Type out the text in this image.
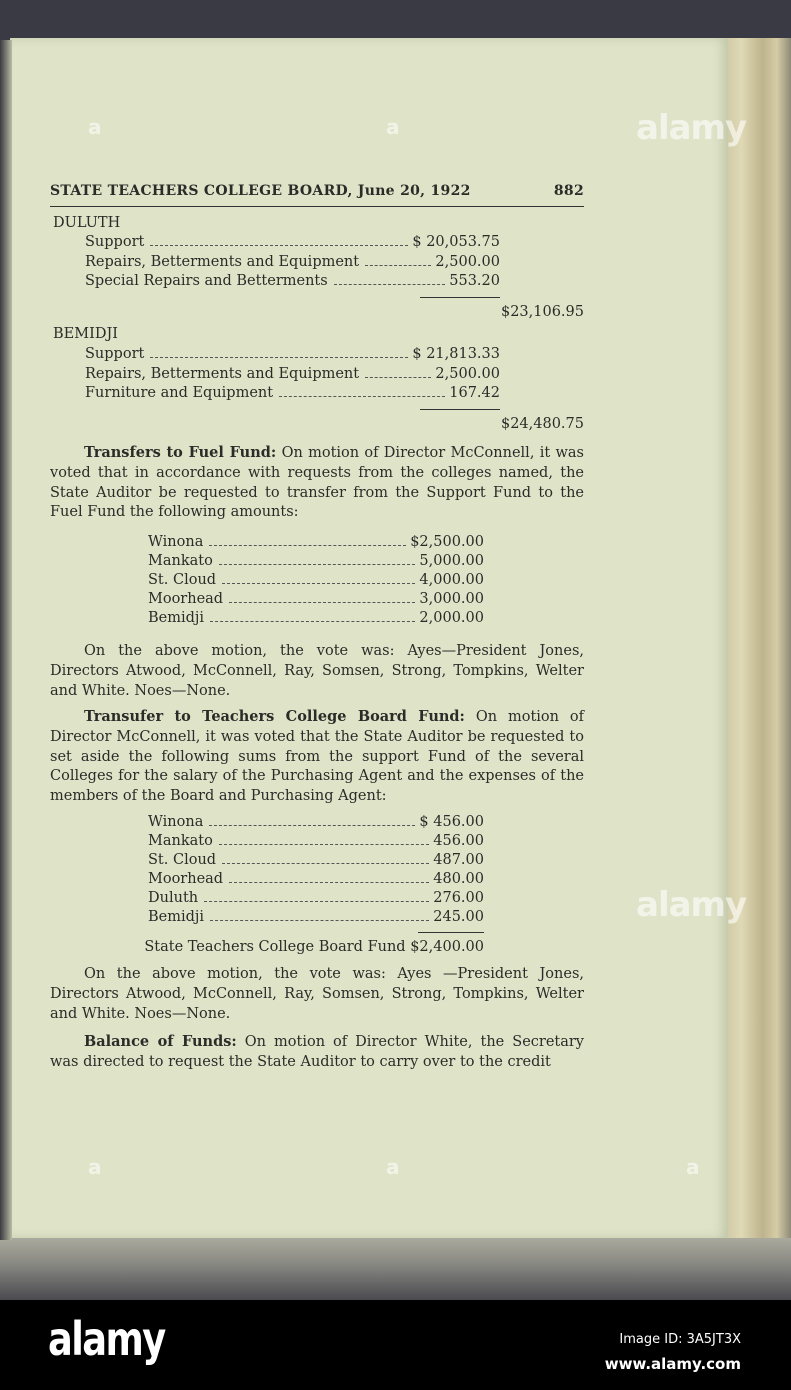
STATE TEACHERS COLLEGE BOARD, June 20, 1922	882
DULUTH
Support	$ 20,053.75
Repairs, Betterments and Equipment	2,500.00
Special Repairs and Betterments	553.20
$23,106.95
BEMIDJI
Support	$ 21,813.33
Repairs, Betterments and Equipment	2,500.00
Furniture and Equipment	167.42
$24,480.75

Transfers to Fuel Fund: On motion of Director McConnell, it was voted that in accordance with requests from the colleges named, the State Auditor be requested to transfer from the Support Fund to the Fuel Fund the following amounts:

Winona	$2,500.00
Mankato	5,000.00
St. Cloud	4,000.00
Moorhead	3,000.00
Bemidji	2,000.00

On the above motion, the vote was: Ayes—President Jones, Directors Atwood, McConnell, Ray, Somsen, Strong, Tompkins, Welter and White. Noes—None.

Transufer to Teachers College Board Fund: On motion of Director McConnell, it was voted that the State Auditor be requested to set aside the following sums from the support Fund of the several Colleges for the salary of the Purchasing Agent and the expenses of the members of the Board and Purchasing Agent:

Winona	$ 456.00
Mankato	456.00
St. Cloud	487.00
Moorhead	480.00
Duluth	276.00
Bemidji	245.00
State Teachers College Board Fund $2,400.00

On the above motion, the vote was: Ayes —President Jones, Directors Atwood, McConnell, Ray, Somsen, Strong, Tompkins, Welter and White. Noes—None.

Balance of Funds: On motion of Director White, the Secretary was directed to request the State Auditor to carry over to the credit

alamy
alamy
a	a
a	a	a
alamy	Image ID: 3A5JT3X
www.alamy.com
